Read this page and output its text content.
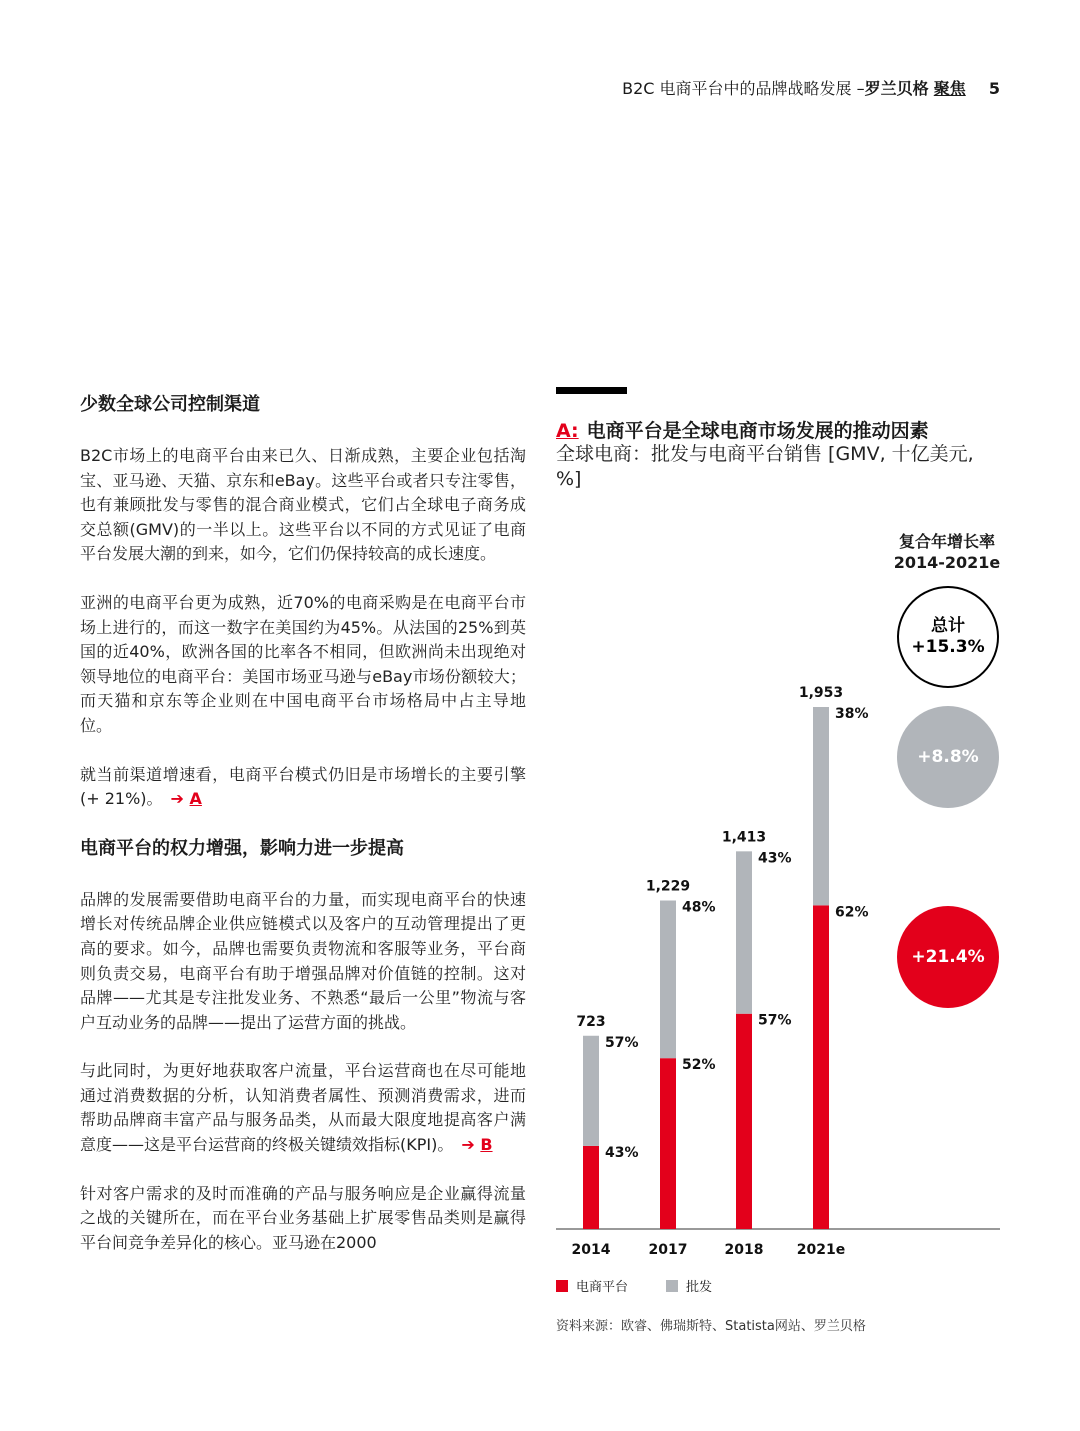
B2C 电商平台中的品牌战略发展 –罗兰贝格 聚焦 5
少数全球公司控制渠道

B2C市场上的电商平台由来已久、日渐成熟，主要企业包括淘宝、亚马逊、天猫、京东和eBay。这些平台或者只专注零售，也有兼顾批发与零售的混合商业模式，它们占全球电子商务成交总额(GMV)的一半以上。这些平台以不同的方式见证了电商平台发展大潮的到来，如今，它们仍保持较高的成长速度。

亚洲的电商平台更为成熟，近70%的电商采购是在电商平台市场上进行的，而这一数字在美国约为45%。从法国的25%到英国的近40%，欧洲各国的比率各不相同，但欧洲尚未出现绝对领导地位的电商平台：美国市场亚马逊与eBay市场份额较大；而天猫和京东等企业则在中国电商平台市场格局中占主导地位。

就当前渠道增速看，电商平台模式仍旧是市场增长的主要引擎(+ 21%)。 ➔ A

电商平台的权力增强，影响力进一步提高

品牌的发展需要借助电商平台的力量，而实现电商平台的快速增长对传统品牌企业供应链模式以及客户的互动管理提出了更高的要求。如今，品牌也需要负责物流和客服等业务，平台商则负责交易，电商平台有助于增强品牌对价值链的控制。这对品牌——尤其是专注批发业务、不熟悉“最后一公里”物流与客户互动业务的品牌——提出了运营方面的挑战。

与此同时，为更好地获取客户流量，平台运营商也在尽可能地通过消费数据的分析，认知消费者属性、预测消费需求，进而帮助品牌商丰富产品与服务品类，从而最大限度地提高客户满意度——这是平台运营商的终极关键绩效指标(KPI)。 ➔ B

针对客户需求的及时而准确的产品与服务响应是企业赢得流量之战的关键所在，而在平台业务基础上扩展零售品类则是赢得平台间竞争差异化的核心。亚马逊在2000

A: 电商平台是全球电商市场发展的推动因素
全球电商：批发与电商平台销售 [GMV, 十亿美元, %]
复合年增长率
2014-2021e
总计
+15.3%
+8.8%
+21.4%
723
57%
43%
2014
1,229
48%
52%
2017
1,413
43%
57%
2018
1,953
38%
62%
2021e
电商平台	批发
资料来源：欧睿、佛瑞斯特、Statista网站、罗兰贝格
